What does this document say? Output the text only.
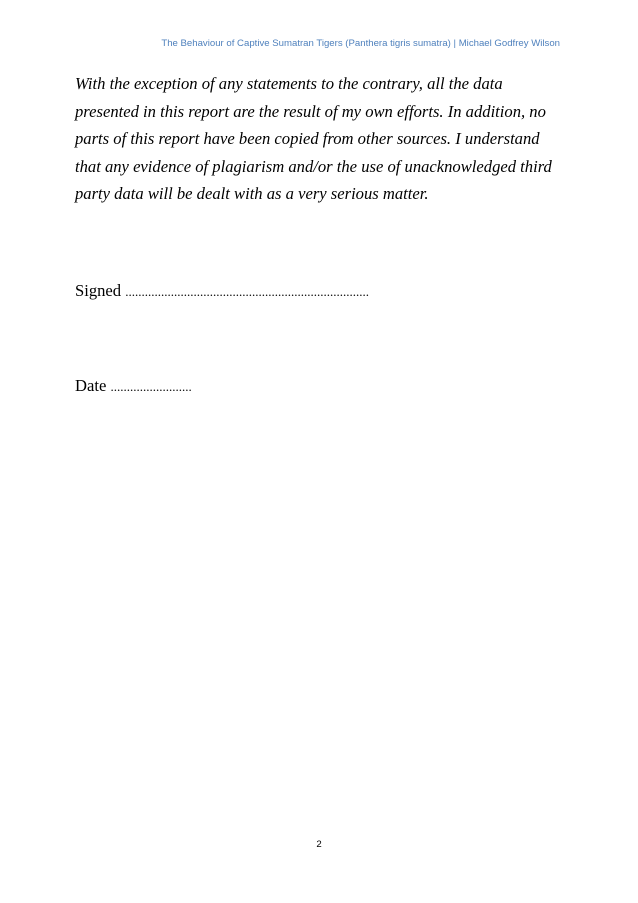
The Behaviour of Captive Sumatran Tigers (Panthera tigris sumatra) | Michael Godfrey Wilson

With the exception of any statements to the contrary, all the data
presented in this report are the result of my own efforts. In addition, no
parts of this report have been copied from other sources. I understand
that any evidence of plagiarism and/or the use of unacknowledged third
party data will be dealt with as a very serious matter.

Signed ...........................................................................
Date .........................
2
